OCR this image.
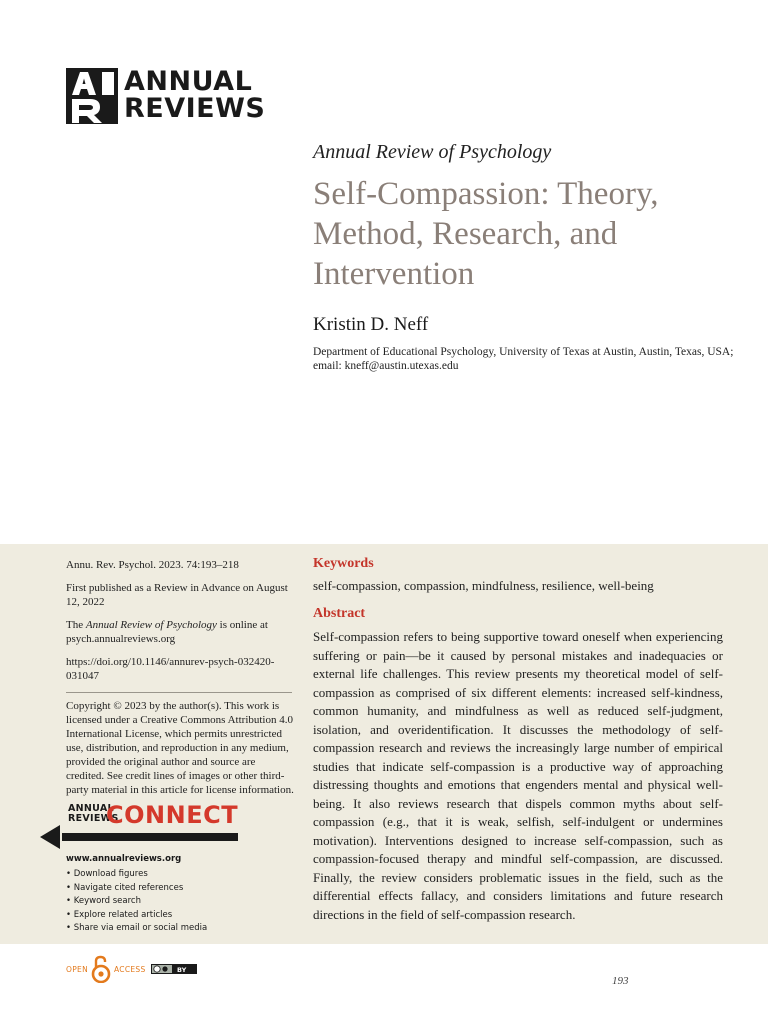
ANNUAL
REVIEWS
Annual Review of Psychology
Self-Compassion: Theory, Method, Research, and Intervention
Kristin D. Neff
Department of Educational Psychology, University of Texas at Austin, Austin, Texas, USA; email: kneff@austin.utexas.edu

Annu. Rev. Psychol. 2023. 74:193–218

First published as a Review in Advance on August 12, 2022

The Annual Review of Psychology is online at psych.annualreviews.org

https://doi.org/10.1146/annurev-psych-032420-031047

Copyright © 2023 by the author(s). This work is licensed under a Creative Commons Attribution 4.0 International License, which permits unrestricted use, distribution, and reproduction in any medium, provided the original author and source are credited. See credit lines of images or other third-party material in this article for license information.

ANNUAL
REVIEWS
CONNECT
www.annualreviews.org
• Download figures
• Navigate cited references
• Keyword search
• Explore related articles
• Share via email or social media
Keywords

self-compassion, compassion, mindfulness, resilience, well-being

Abstract

Self-compassion refers to being supportive toward oneself when experiencing suffering or pain—be it caused by personal mistakes and inadequacies or external life challenges. This review presents my theoretical model of self-compassion as comprised of six different elements: increased self-kindness, common humanity, and mindfulness as well as reduced self-judgment, isolation, and overidentification. It discusses the methodology of self-compassion research and reviews the increasingly large number of empirical studies that indicate self-compassion is a productive way of approaching distressing thoughts and emotions that engenders mental and physical well-being. It also reviews research that dispels common myths about self-compassion (e.g., that it is weak, selfish, self-indulgent or undermines motivation). Interventions designed to increase self-compassion, such as compassion-focused therapy and mindful self-compassion, are discussed. Finally, the review considers problematic issues in the field, such as the differential effects fallacy, and considers limitations and future research directions in the field of self-compassion research.

OPEN	ACCESS	BY
193
